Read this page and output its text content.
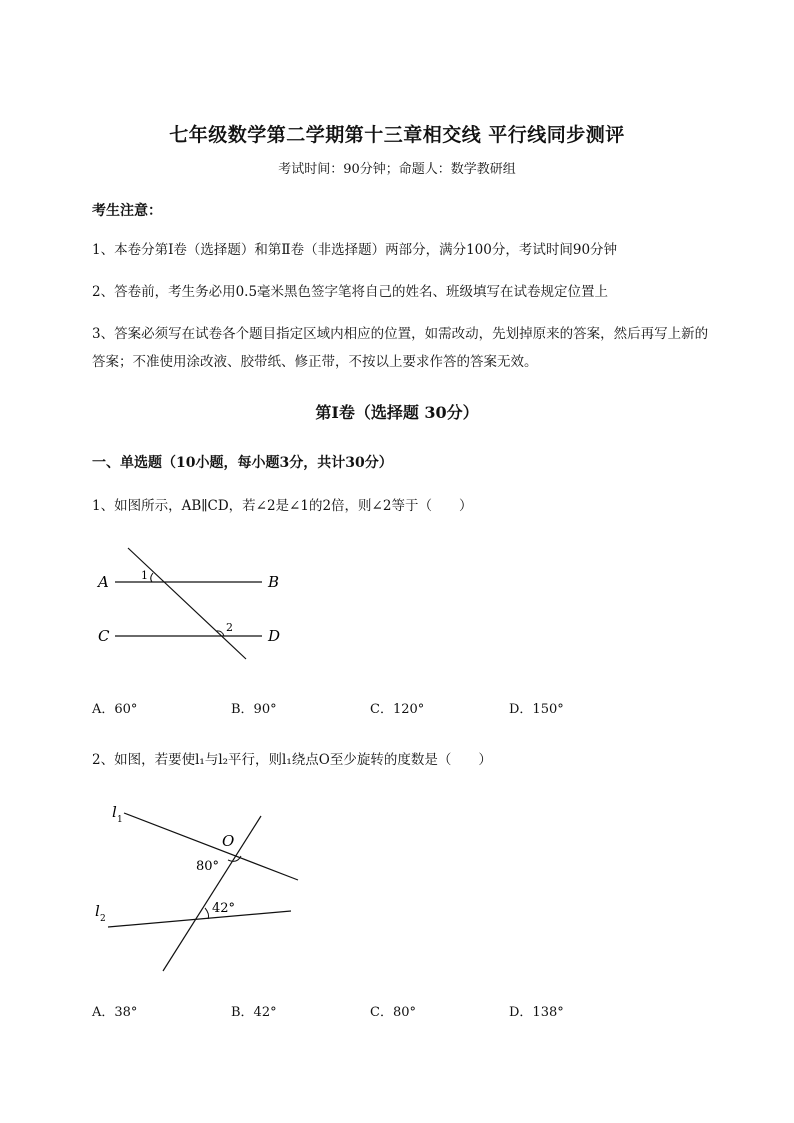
七年级数学第二学期第十三章相交线 平行线同步测评
考试时间：90分钟；命题人：数学教研组
考生注意：
1、本卷分第I卷（选择题）和第Ⅱ卷（非选择题）两部分，满分100分，考试时间90分钟
2、答卷前，考生务必用0.5毫米黑色签字笔将自己的姓名、班级填写在试卷规定位置上
3、答案必须写在试卷各个题目指定区域内相应的位置，如需改动，先划掉原来的答案，然后再写上新的答案；不准使用涂改液、胶带纸、修正带，不按以上要求作答的答案无效。
第I卷（选择题 30分）
一、单选题（10小题，每小题3分，共计30分）
1、如图所示，AB∥CD，若∠2是∠1的2倍，则∠2等于（　　）
A	B
C	D
1
2
A．60°	B．90°	C．120°	D．150°
2、如图，若要使l₁与l₂平行，则l₁绕点O至少旋转的度数是（　　）
l 1
l 2
O
80°
42°
A．38°	B．42°	C．80°	D．138°
